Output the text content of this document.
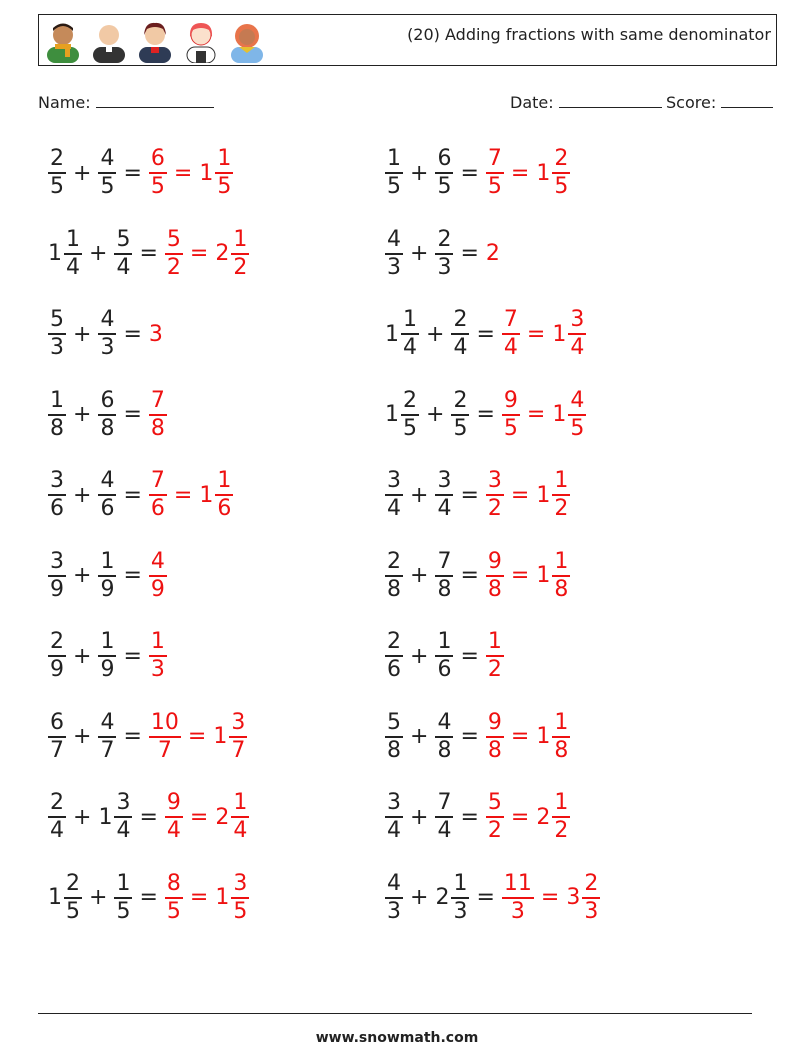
(20) Adding fractions with same denominator
Name:	Date:	Score:
$\frac{2}{5} + \frac{4}{5} = \frac{6}{5} = 1 \frac{1}{5}$	$\frac{1}{5} + \frac{6}{5} = \frac{7}{5} = 1 \frac{2}{5}$
$1 \frac{1}{4} + \frac{5}{4} = \frac{5}{2} = 2 \frac{1}{2}$	$\frac{4}{3} + \frac{2}{3} = 2$
$\frac{5}{3} + \frac{4}{3} = 3$	$1 \frac{1}{4} + \frac{2}{4} = \frac{7}{4} = 1 \frac{3}{4}$
$\frac{1}{8} + \frac{6}{8} = \frac{7}{8}$	$1 \frac{2}{5} + \frac{2}{5} = \frac{9}{5} = 1 \frac{4}{5}$
$\frac{3}{6} + \frac{4}{6} = \frac{7}{6} = 1 \frac{1}{6}$	$\frac{3}{4} + \frac{3}{4} = \frac{3}{2} = 1 \frac{1}{2}$
$\frac{3}{9} + \frac{1}{9} = \frac{4}{9}$	$\frac{2}{8} + \frac{7}{8} = \frac{9}{8} = 1 \frac{1}{8}$
$\frac{2}{9} + \frac{1}{9} = \frac{1}{3}$	$\frac{2}{6} + \frac{1}{6} = \frac{1}{2}$
$\frac{6}{7} + \frac{4}{7} = \frac{10}{7} = 1 \frac{3}{7}$	$\frac{5}{8} + \frac{4}{8} = \frac{9}{8} = 1 \frac{1}{8}$
$\frac{2}{4} + 1 \frac{3}{4} = \frac{9}{4} = 2 \frac{1}{4}$	$\frac{3}{4} + \frac{7}{4} = \frac{5}{2} = 2 \frac{1}{2}$
$1 \frac{2}{5} + \frac{1}{5} = \frac{8}{5} = 1 \frac{3}{5}$	$\frac{4}{3} + 2 \frac{1}{3} = \frac{11}{3} = 3 \frac{2}{3}$
www.snowmath.com
